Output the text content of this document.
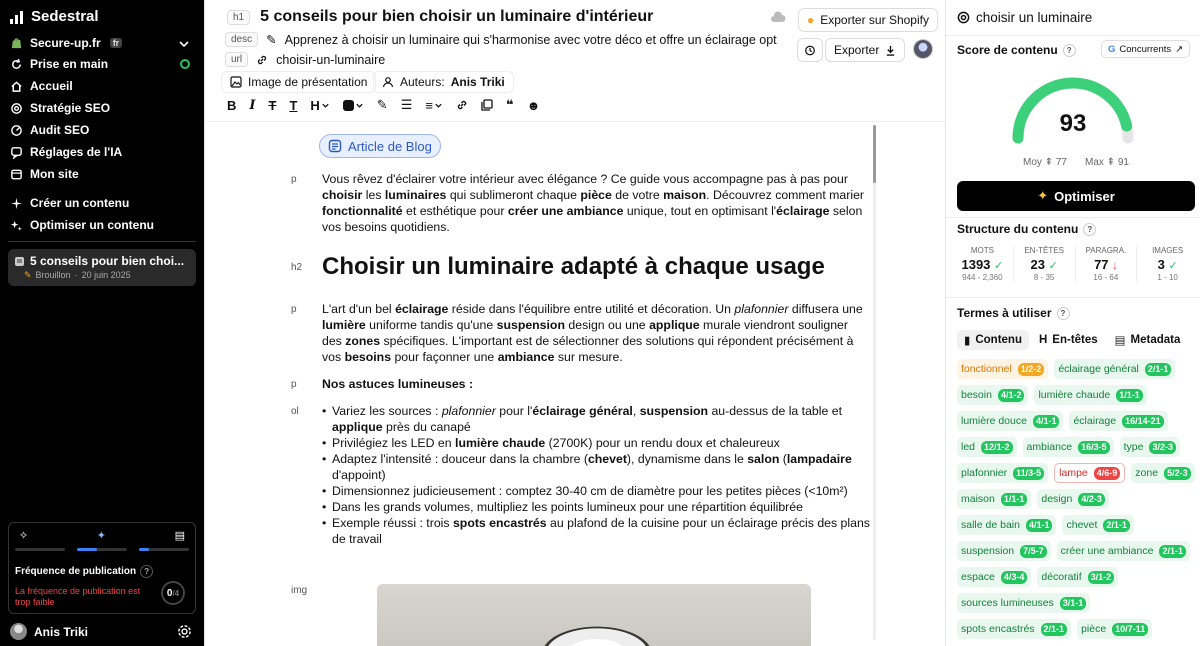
Sedestral
Secure-up.fr	fr
Prise en main
Accueil
Stratégie SEO
Audit SEO
Réglages de l'IA
Mon site
Créer un contenu
Optimiser un contenu
5 conseils pour bien choi...
✎ Brouillon · 20 juin 2025
✧	✦	▤
Fréquence de publication	?
La fréquence de publication est trop faible
0 /4
Anis Triki
h1	5 conseils pour bien choisir un luminaire d'intérieur
desc	✎ Apprenez à choisir un luminaire qui s'harmonise avec votre déco et offre un éclairage opt
url	choisir-un-luminaire
● Exporter sur Shopify
Exporter
Image de présentation	Auteurs: Anis Triki
B I T T H	✎ ☰ ≡	❝ ☻
Article de Blog
p Vous rêvez d'éclairer votre intérieur avec élégance ? Ce guide vous accompagne pas à pas pour choisir les luminaires qui sublimeront chaque pièce de votre maison. Découvrez comment marier fonctionnalité et esthétique pour créer une ambiance unique, tout en optimisant l'éclairage selon vos besoins quotidiens.
h2 Choisir un luminaire adapté à chaque usage
p L'art d'un bel éclairage réside dans l'équilibre entre utilité et décoration. Un plafonnier diffusera une lumière uniforme tandis qu'une suspension design ou une applique murale viendront souligner des zones spécifiques. L'important est de sélectionner des solutions qui répondent précisément à vos besoins pour façonner une ambiance sur mesure.
p Nos astuces lumineuses :
ol
•	Variez les sources : plafonnier pour l'éclairage général, suspension au-dessus de la table et applique près du canapé
• Privilégiez les LED en lumière chaude (2700K) pour un rendu doux et chaleureux
• Adaptez l'intensité : douceur dans la chambre (chevet), dynamisme dans le salon (lampadaire d'appoint)
• Dimensionnez judicieusement : comptez 30-40 cm de diamètre pour les petites pièces (<10m²)
• Dans les grands volumes, multipliez les points lumineux pour une répartition équilibrée
• Exemple réussi : trois spots encastrés au plafond de la cuisine pour un éclairage précis des plans de travail
img
choisir un luminaire
Score de contenu	?	G Concurrents ↗
93
Moy ⇞ 77 Max ⇞ 91
✦ Optimiser
Structure du contenu	?
MOTS
1393 ✓
944 - 2,360
EN-TÊTES
23 ✓
8 - 35
PARAGRA.
77 ↓
16 - 64
IMAGES
3 ✓
1 - 10
Termes à utiliser	?
▮ Contenu H En-têtes ▤ Metadata
fonctionnel	1/2-2 éclairage général	2/1-1
besoin	4/1-2 lumière chaude	1/1-1
lumière douce	4/1-1 éclairage	16/14-21
led	12/1-2 ambiance	16/3-5 type	3/2-3
plafonnier	11/3-5 lampe	4/6-9 zone	5/2-3
maison	1/1-1 design	4/2-3
salle de bain	4/1-1 chevet	2/1-1
suspension	7/5-7 créer une ambiance	2/1-1
espace	4/3-4 décoratif	3/1-2
sources lumineuses	3/1-1
spots encastrés	2/1-1 pièce	10/7-11
